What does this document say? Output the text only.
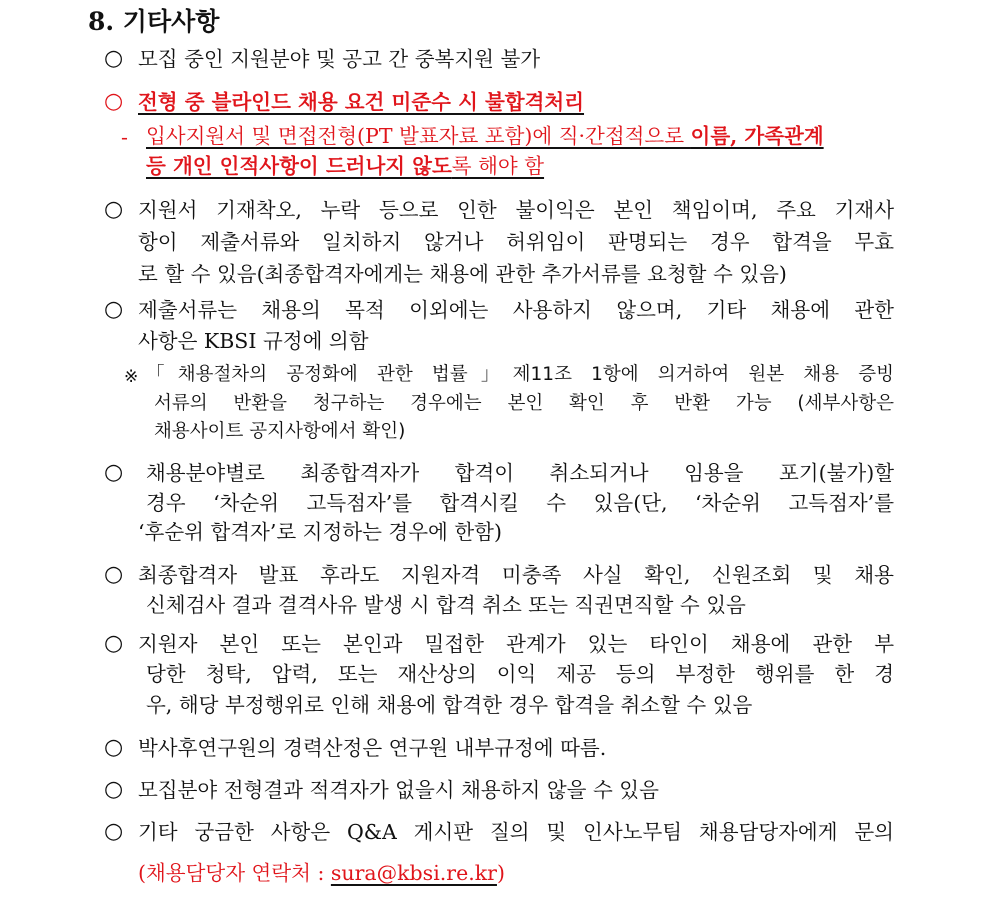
8. 기타사항
○ 모집 중인 지원분야 및 공고 간 중복지원 불가
○ 전형 중 블라인드 채용 요건 미준수 시 불합격처리
- 입사지원서 및 면접전형(PT 발표자료 포함)에 직·간접적으로 이름, 가족관계
등 개인 인적사항이 드러나지 않도록 해야 함
○ 지원서 기재착오, 누락 등으로 인한 불이익은 본인 책임이며, 주요 기재사
항이 제출서류와 일치하지 않거나 허위임이 판명되는 경우 합격을 무효
로 할 수 있음(최종합격자에게는 채용에 관한 추가서류를 요청할 수 있음)
○ 제출서류는 채용의 목적 이외에는 사용하지 않으며, 기타 채용에 관한
사항은 KBSI 규정에 의함
※ 「채용절차의 공정화에 관한 법률」제11조 1항에 의거하여 원본 채용 증빙
서류의 반환을 청구하는 경우에는 본인 확인 후 반환 가능 (세부사항은
채용사이트 공지사항에서 확인)
○ 채용분야별로 최종합격자가 합격이 취소되거나 임용을 포기(불가)할
경우 ‘차순위 고득점자’를 합격시킬 수 있음(단, ‘차순위 고득점자’를
‘후순위 합격자’로 지정하는 경우에 한함)
○ 최종합격자 발표 후라도 지원자격 미충족 사실 확인, 신원조회 및 채용
신체검사 결과 결격사유 발생 시 합격 취소 또는 직권면직할 수 있음
○ 지원자 본인 또는 본인과 밀접한 관계가 있는 타인이 채용에 관한 부
당한 청탁, 압력, 또는 재산상의 이익 제공 등의 부정한 행위를 한 경
우, 해당 부정행위로 인해 채용에 합격한 경우 합격을 취소할 수 있음
○ 박사후연구원의 경력산정은 연구원 내부규정에 따름.
○ 모집분야 전형결과 적격자가 없을시 채용하지 않을 수 있음
○ 기타 궁금한 사항은 Q&A 게시판 질의 및 인사노무팀 채용담당자에게 문의
(채용담당자 연락처 : sura@kbsi.re.kr)
